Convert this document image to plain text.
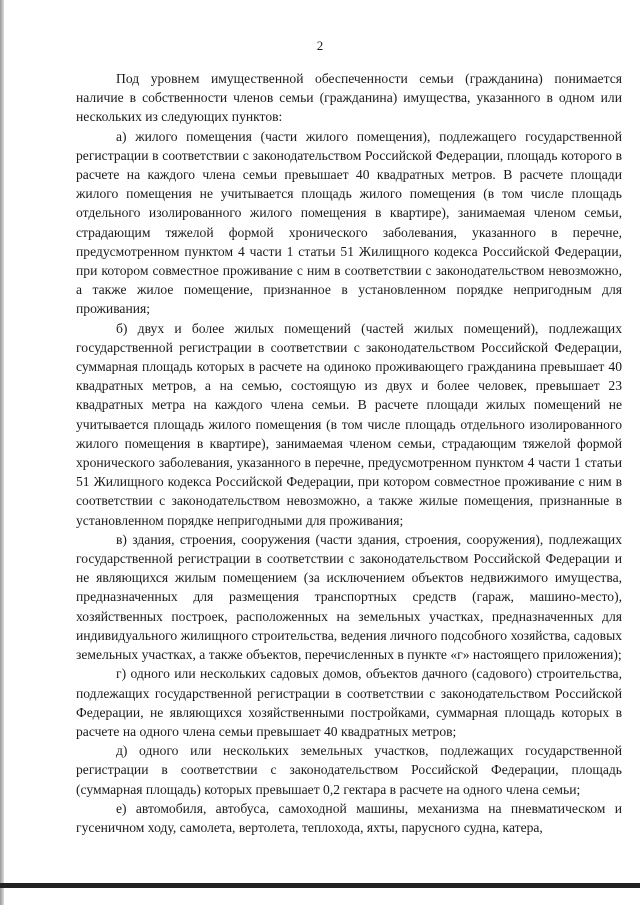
2

Под уровнем имущественной обеспеченности семьи (гражданина) понимается наличие в собственности членов семьи (гражданина) имущества, указанного в одном или нескольких из следующих пунктов:

а) жилого помещения (части жилого помещения), подлежащего государственной регистрации в соответствии с законодательством Российской Федерации, площадь которого в расчете на каждого члена семьи превышает 40 квадратных метров. В расчете площади жилого помещения не учитывается площадь жилого помещения (в том числе площадь отдельного изолированного жилого помещения в квартире), занимаемая членом семьи, страдающим тяжелой формой хронического заболевания, указанного в перечне, предусмотренном пунктом 4 части 1 статьи 51 Жилищного кодекса Российской Федерации, при котором совместное проживание с ним в соответствии с законодательством невозможно, а также жилое помещение, признанное в установленном порядке непригодным для проживания;

б) двух и более жилых помещений (частей жилых помещений), подлежащих государственной регистрации в соответствии с законодательством Российской Федерации, суммарная площадь которых в расчете на одиноко проживающего гражданина превышает 40 квадратных метров, а на семью, состоящую из двух и более человек, превышает 23 квадратных метра на каждого члена семьи. В расчете площади жилых помещений не учитывается площадь жилого помещения (в том числе площадь отдельного изолированного жилого помещения в квартире), занимаемая членом семьи, страдающим тяжелой формой хронического заболевания, указанного в перечне, предусмотренном пунктом 4 части 1 статьи 51 Жилищного кодекса Российской Федерации, при котором совместное проживание с ним в соответствии с законодательством невозможно, а также жилые помещения, признанные в установленном порядке непригодными для проживания;

в) здания, строения, сооружения (части здания, строения, сооружения), подлежащих государственной регистрации в соответствии с законодательством Российской Федерации и не являющихся жилым помещением (за исключением объектов недвижимого имущества, предназначенных для размещения транспортных средств (гараж, машино-место), хозяйственных построек, расположенных на земельных участках, предназначенных для индивидуального жилищного строительства, ведения личного подсобного хозяйства, садовых земельных участках, а также объектов, перечисленных в пункте «г» настоящего приложения);

г) одного или нескольких садовых домов, объектов дачного (садового) строительства, подлежащих государственной регистрации в соответствии с законодательством Российской Федерации, не являющихся хозяйственными постройками, суммарная площадь которых в расчете на одного члена семьи превышает 40 квадратных метров;

д) одного или нескольких земельных участков, подлежащих государственной регистрации в соответствии с законодательством Российской Федерации, площадь (суммарная площадь) которых превышает 0,2 гектара в расчете на одного члена семьи;

е) автомобиля, автобуса, самоходной машины, механизма на пневматическом и гусеничном ходу, самолета, вертолета, теплохода, яхты, парусного судна, катера,
